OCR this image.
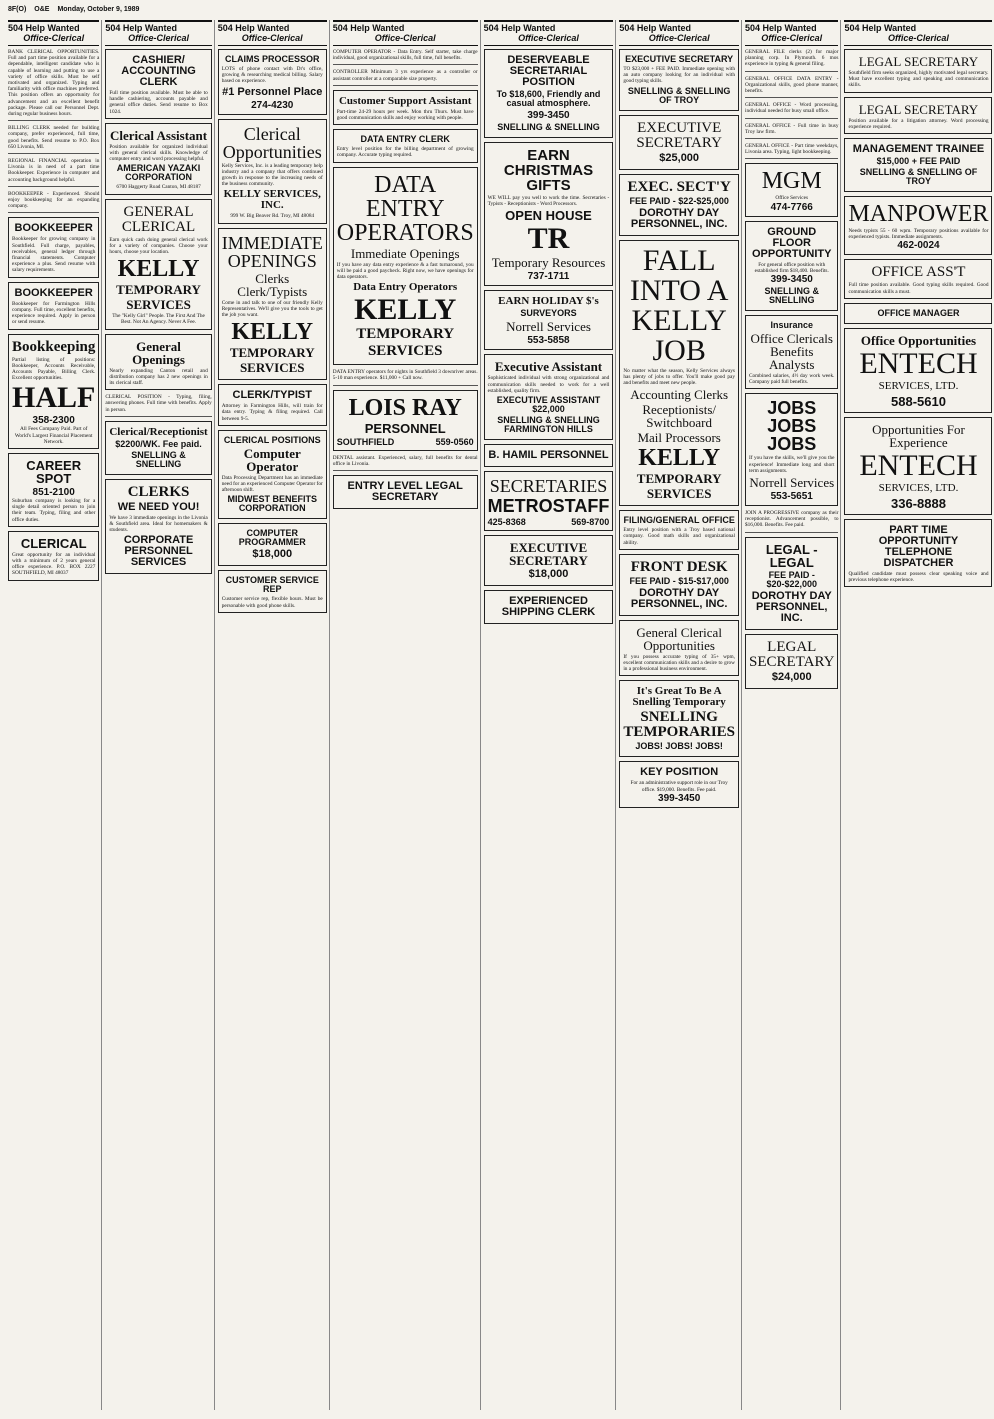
8F(O) O&E Monday, October 9, 1989
504 Help Wanted
Office-Clerical
BANK CLERICAL OPPORTUNITIES. Full and part time position available for a dependable, intelligent candidate who is capable of learning and putting to use a variety of office skills. Must be self motivated and organized. Typing and familiarity with office machines preferred. This position offers an opportunity for advancement and an excellent benefit package. Please call our Personnel Dept. during regular business hours.
BILLING CLERK needed for building company, prefer experienced, full time, good benefits. Send resume to P.O. Box 650 Livonia, MI.
REGIONAL FINANCIAL operation in Livonia is in need of a part time Bookkeeper. Experience in computer and accounting background helpful.
BOOKKEEPER - Experienced. Should enjoy bookkeeping for an expanding company.
BOOKKEEPER
Bookkeeper for growing company in Southfield. Full charge, payables, receivables, general ledger through financial statements. Computer experience a plus. Send resume with salary requirements.
BOOKKEEPER
Bookkeeper for Farmington Hills company. Full time, excellent benefits, experience required. Apply in person or send resume.
Bookkeeping
Partial listing of positions: Bookkeeper, Accounts Receivable, Accounts Payable, Billing Clerk. Excellent opportunities.
HALF
358-2300
All Fees Company Paid. Part of World's Largest Financial Placement Network.
CAREER SPOT
851-2100
Suburban company is looking for a single detail oriented person to join their team. Typing, filing and other office duties.
CLERICAL
Great opportunity for an individual with a minimum of 2 years general office experience. P.O. BOX 2227 SOUTHFIELD, MI 48037
504 Help Wanted
Office-Clerical
CASHIER/ ACCOUNTING CLERK
Full time position available. Must be able to handle cashiering, accounts payable and general office duties. Send resume to Box 1024.
Clerical Assistant
Position available for organized individual with general clerical skills. Knowledge of computer entry and word processing helpful.
AMERICAN YAZAKI CORPORATION
6700 Haggerty Road Canton, MI 48187
GENERAL CLERICAL
Earn quick cash doing general clerical work for a variety of companies. Choose your hours, choose your location.
KELLY
TEMPORARY
SERVICES
The "Kelly Girl" People. The First And The Best. Not An Agency. Never A Fee.
General Openings
Nearly expanding Canton retail and distribution company has 2 new openings in its clerical staff.
CLERICAL POSITION - Typing, filing, answering phones. Full time with benefits. Apply in person.
Clerical/Receptionist
$2200/WK. Fee paid.
SNELLING & SNELLING
CLERKS
WE NEED YOU!
We have 3 immediate openings in the Livonia & Southfield area. Ideal for homemakers & students.
CORPORATE PERSONNEL SERVICES
504 Help Wanted
Office-Clerical
CLAIMS PROCESSOR
LOTS of phone contact with Dr's office, growing & researching medical billing. Salary based on experience.
#1 Personnel Place
274-4230
Clerical Opportunities
Kelly Services, Inc. is a leading temporary help industry and a company that offers continued growth in response to the increasing needs of the business community.
KELLY SERVICES, INC.
999 W. Big Beaver Rd. Troy, MI 48084
IMMEDIATE OPENINGS
Clerks Clerk/Typists
Come in and talk to one of our friendly Kelly Representatives. We'll give you the tools to get the job you want.
KELLY
TEMPORARY
SERVICES
CLERK/TYPIST
Attorney in Farmington Hills, will train for data entry. Typing & filing required. Call between 9-5.
CLERICAL POSITIONS
Computer Operator
Data Processing Department has an immediate need for an experienced Computer Operator for afternoon shift.
MIDWEST BENEFITS CORPORATION
COMPUTER PROGRAMMER
$18,000
CUSTOMER SERVICE REP
Customer service rep, flexible hours. Must be personable with good phone skills.
504 Help Wanted
Office-Clerical
COMPUTER OPERATOR - Data Entry. Self starter, take charge individual, good organizational skills, full time, full benefits.
CONTROLLER Minimum 3 yrs experience as a controller or assistant controller at a comparable size property.
Customer Support Assistant
Part-time 24-29 hours per week. Mon thru Thurs. Must have good communication skills and enjoy working with people.
DATA ENTRY CLERK
Entry level position for the billing department of growing company. Accurate typing required.
DATA ENTRY OPERATORS
Immediate Openings
If you have any data entry experience & a fast turnaround, you will be paid a good paycheck. Right now, we have openings for data operators.
Data Entry Operators
KELLY
TEMPORARY
SERVICES
DATA ENTRY operators for nights in Southfield 3 downriver areas. 5-10 man experience. $11,000 + Call now.
LOIS RAY
PERSONNEL
SOUTHFIELD	559-0560
DENTAL assistant. Experienced, salary, full benefits for dental office in Livonia.
ENTRY LEVEL LEGAL SECRETARY
504 Help Wanted
Office-Clerical
DESERVEABLE SECRETARIAL POSITION
To $18,600, Friendly and casual atmosphere.
399-3450
SNELLING & SNELLING
EARN CHRISTMAS GIFTS
WE WILL pay you well to work the time. Secretaries - Typists - Receptionists - Word Processors.
OPEN HOUSE
TR
Temporary Resources
737-1711
EARN HOLIDAY $'s
SURVEYORS
Norrell Services
553-5858
Executive Assistant
Sophisticated individual with strong organizational and communication skills needed to work for a well established, quality firm.
EXECUTIVE ASSISTANT $22,000
SNELLING & SNELLING FARMINGTON HILLS
B. HAMIL PERSONNEL
SECRETARIES
METROSTAFF
425-8368	569-8700
EXECUTIVE SECRETARY
$18,000
EXPERIENCED SHIPPING CLERK
504 Help Wanted
Office-Clerical
EXECUTIVE SECRETARY
TO $23,000 + FEE PAID. Immediate opening with an auto company looking for an individual with good typing skills.
SNELLING & SNELLING OF TROY
EXECUTIVE SECRETARY
$25,000
EXEC. SECT'Y
FEE PAID - $22-$25,000
DOROTHY DAY PERSONNEL, INC.
FALL INTO A KELLY JOB
No matter what the season, Kelly Services always has plenty of jobs to offer. You'll make good pay and benefits and meet new people.
Accounting Clerks
Receptionists/ Switchboard
Mail Processors
KELLY
TEMPORARY
SERVICES
FILING/GENERAL OFFICE
Entry level position with a Troy based national company. Good math skills and organizational ability.
FRONT DESK
FEE PAID - $15-$17,000
DOROTHY DAY PERSONNEL, INC.
General Clerical Opportunities
If you possess accurate typing of 35+ wpm, excellent communication skills and a desire to grow in a professional business environment.
It's Great To Be A Snelling Temporary
SNELLING TEMPORARIES
JOBS! JOBS! JOBS!
KEY POSITION
For an administrative support role in our Troy office. $19,000. Benefits. Fee paid.
399-3450
504 Help Wanted
Office-Clerical
GENERAL FILE clerks (2) for major planning corp. In Plymouth. 6 mos experience in typing & general filing.
GENERAL OFFICE DATA ENTRY - Organizational skills, good phone manner, benefits.
GENERAL OFFICE - Word processing, individual needed for busy small office.
GENERAL OFFICE - Full time in busy Troy law firm.
GENERAL OFFICE - Part time weekdays, Livonia area. Typing, light bookkeeping.
MGM
Office Services
474-7766
GROUND FLOOR OPPORTUNITY
For general office position with established firm $18,400. Benefits.
399-3450
SNELLING & SNELLING
Insurance
Office Clericals Benefits Analysts
Combined salaries, 4½ day work week. Company paid full benefits.
JOBS JOBS JOBS
If you have the skills, we'll give you the experience! Immediate long and short term assignments.
Norrell Services
553-5651
JOIN A PROGRESSIVE company as their receptionist. Advancement possible, to $16,000. Benefits. Fee paid.
LEGAL - LEGAL
FEE PAID - $20-$22,000
DOROTHY DAY PERSONNEL, INC.
LEGAL SECRETARY
$24,000
504 Help Wanted
Office-Clerical
LEGAL SECRETARY
Southfield firm seeks organized, highly motivated legal secretary. Must have excellent typing and speaking and communication skills.
LEGAL SECRETARY
Position available for a litigation attorney. Word processing experience required.
MANAGEMENT TRAINEE
$15,000 + FEE PAID
SNELLING & SNELLING OF TROY
MANPOWER
Needs typists 55 - 60 wpm. Temporary positions available for experienced typists. Immediate assignments.
462-0024
OFFICE ASS'T
Full time position available. Good typing skills required. Good communication skills a must.
OFFICE MANAGER
Office Opportunities
ENTECH
SERVICES, LTD.
588-5610
Opportunities For Experience
ENTECH
SERVICES, LTD.
336-8888
PART TIME OPPORTUNITY TELEPHONE DISPATCHER
Qualified candidate must possess clear speaking voice and previous telephone experience.
